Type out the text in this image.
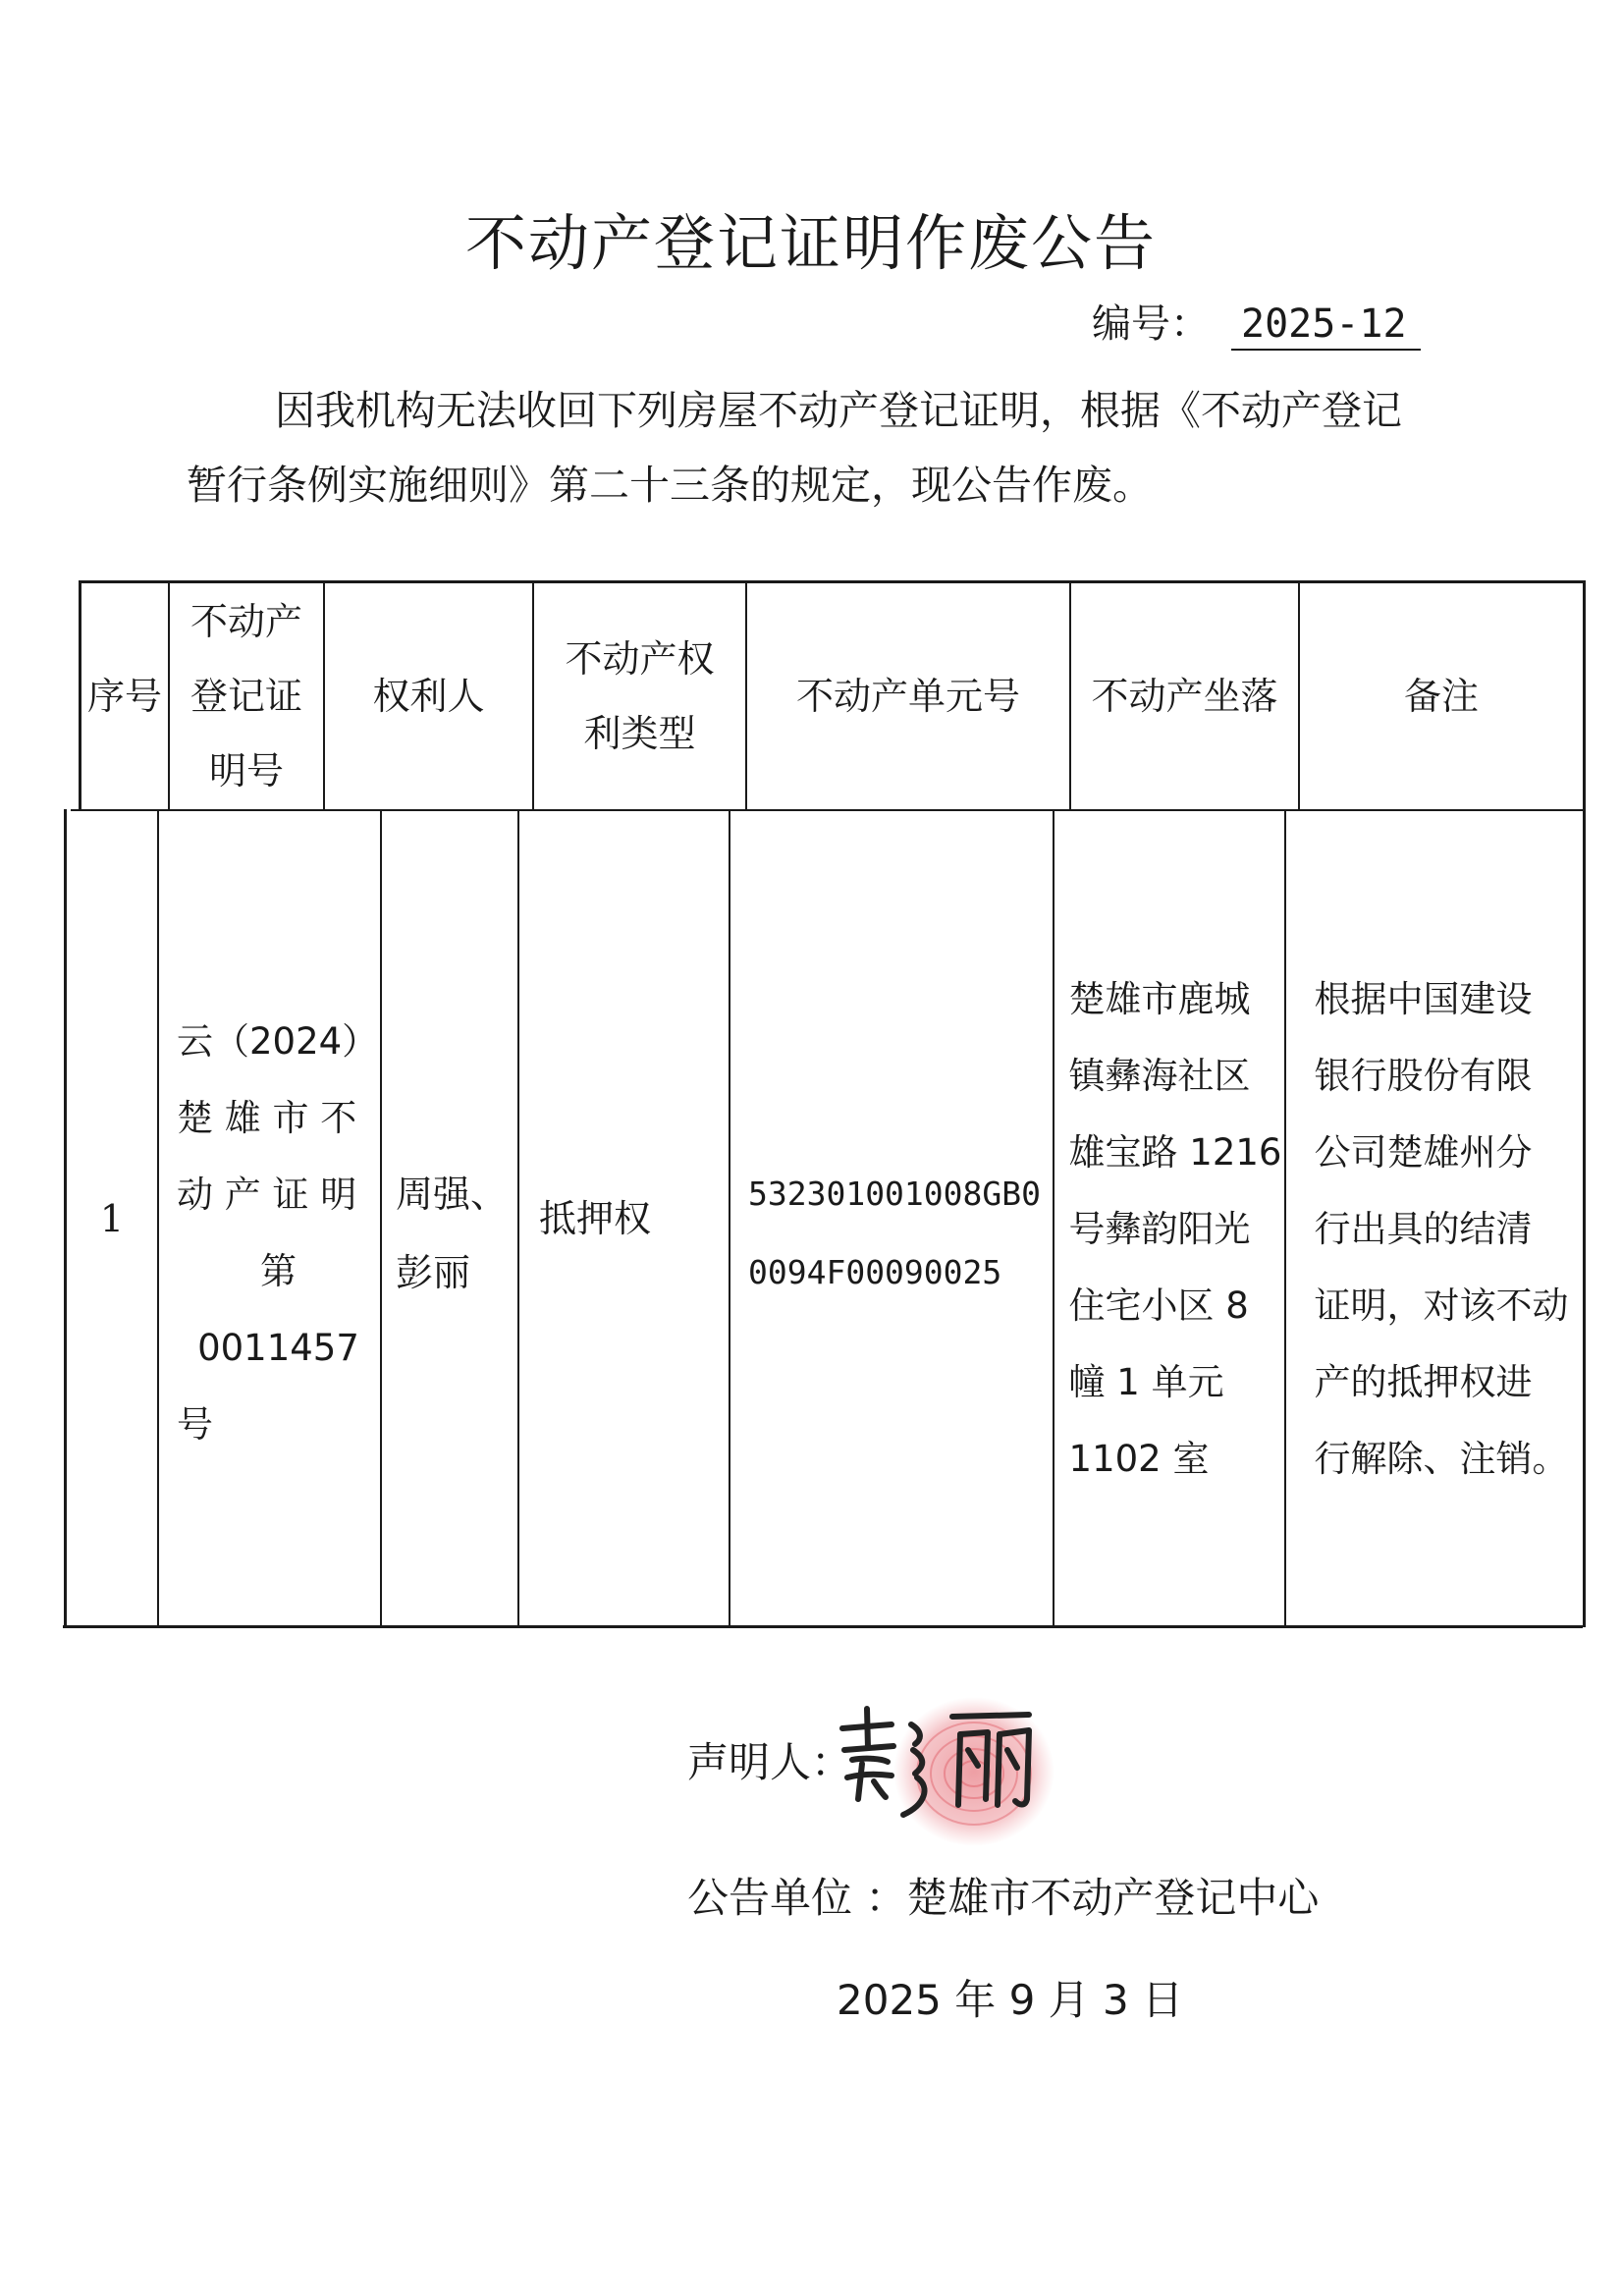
不动产登记证明作废公告
编号： 2025-12

因我机构无法收回下列房屋不动产登记证明，根据《不动产登记

暂行条例实施细则》第二十三条的规定，现公告作废。

序号
不动产
登记证
明号
权利人
不动产权
利类型
不动产单元号 不动产坐落	备注
1
云（2024）
楚 雄 市 不
动 产 证 明
第 0011457
号
周强、
彭丽
抵押权
532301001008GB0
0094F00090025
楚雄市鹿城
镇彝海社区
雄宝路 1216
号彝韵阳光
住宅小区 8
幢 1 单元
1102 室
根据中国建设
银行股份有限
公司楚雄州分
行出具的结清
证明，对该不动
产的抵押权进
行解除、注销。
声明人：
公告单位 ：楚雄市不动产登记中心
2025 年 9 月 3 日
